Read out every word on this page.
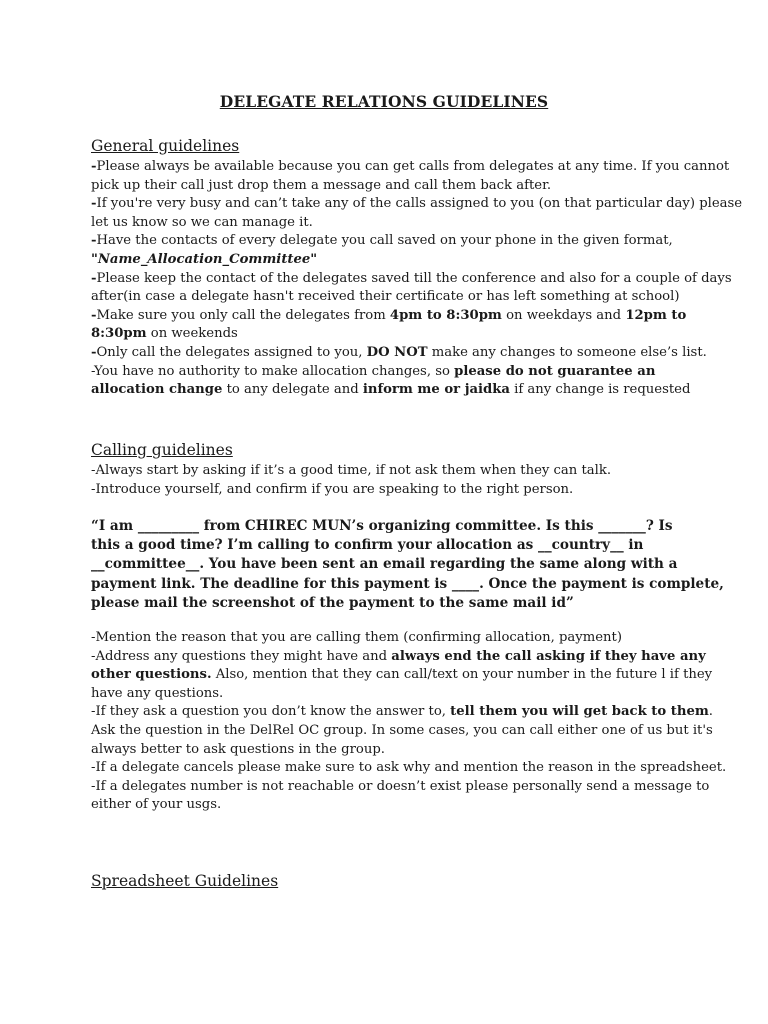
DELEGATE RELATIONS GUIDELINES
General guidelines
-Please always be available because you can get calls from delegates at any time. If you cannot
pick up their call just drop them a message and call them back after.
-If you're very busy and can’t take any of the calls assigned to you (on that particular day) please
let us know so we can manage it.
-Have the contacts of every delegate you call saved on your phone in the given format,
"Name_Allocation_Committee"
-Please keep the contact of the delegates saved till the conference and also for a couple of days
after(in case a delegate hasn't received their certificate or has left something at school)
-Make sure you only call the delegates from 4pm to 8:30pm on weekdays and 12pm to
8:30pm on weekends
-Only call the delegates assigned to you, DO NOT make any changes to someone else’s list.
-You have no authority to make allocation changes, so please do not guarantee an
allocation change to any delegate and inform me or jaidka if any change is requested
Calling guidelines
-Always start by asking if it’s a good time, if not ask them when they can talk.
-Introduce yourself, and confirm if you are speaking to the right person.
“I am _________ from CHIREC MUN’s organizing committee. Is this _______? Is
this a good time? I’m calling to confirm your allocation as __country__ in
__committee__. You have been sent an email regarding the same along with a
payment link. The deadline for this payment is ____. Once the payment is complete,
please mail the screenshot of the payment to the same mail id”
-Mention the reason that you are calling them (confirming allocation, payment)
-Address any questions they might have and always end the call asking if they have any
other questions. Also, mention that they can call/text on your number in the future l if they
have any questions.
-If they ask a question you don’t know the answer to, tell them you will get back to them.
Ask the question in the DelRel OC group. In some cases, you can call either one of us but it's
always better to ask questions in the group.
-If a delegate cancels please make sure to ask why and mention the reason in the spreadsheet.
-If a delegates number is not reachable or doesn’t exist please personally send a message to
either of your usgs.
Spreadsheet Guidelines
